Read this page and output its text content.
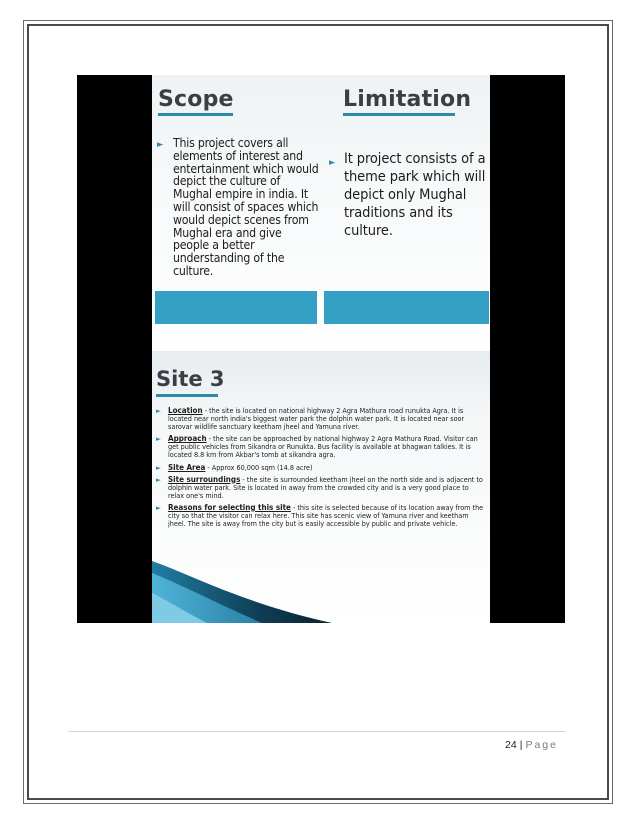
Scope	Limitation
► This project covers all elements of interest and entertainment which would depict the culture of Mughal empire in india. It will consist of spaces which would depict scenes from Mughal era and give people a better understanding of the culture.
► It project consists of a theme park which will depict only Mughal traditions and its culture.
Site 3
► Location - the site is located on national highway 2 Agra Mathura road runukta Agra. It is located near north india's biggest water park the dolphin water park. It is located near soor sarovar wildlife sanctuary keetham jheel and Yamuna river.
► Approach - the site can be approached by national highway 2 Agra Mathura Road. Visitor can get public vehicles from Sikandra or Runukta. Bus facility is available at bhagwan talkies. It is located 8.8 km from Akbar's tomb at sikandra agra.
► Site Area - Approx 60,000 sqm (14.8 acre)
► Site surroundings - the site is surrounded keetham jheel on the north side and is adjacent to dolphin water park. Site is located in away from the crowded city and is a very good place to relax one's mind.
► Reasons for selecting this site - this site is selected because of its location away from the city so that the visitor can relax here. This site has scenic view of Yamuna river and keetham jheel. The site is away from the city but is easily accessible by public and private vehicle.
24 | Page
